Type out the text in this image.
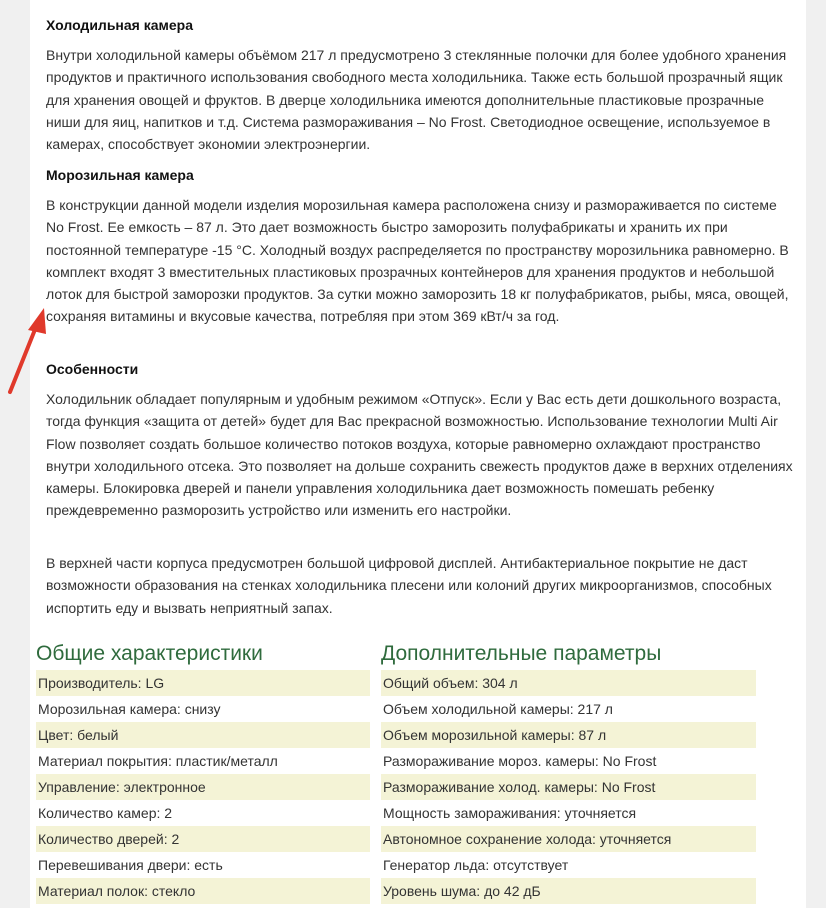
Холодильная камера

Внутри холодильной камеры объёмом 217 л предусмотрено 3 стеклянные полочки для более удобного хранения продуктов и практичного использования свободного места холодильника. Также есть большой прозрачный ящик для хранения овощей и фруктов. В дверце холодильника имеются дополнительные пластиковые прозрачные ниши для яиц, напитков и т.д. Система размораживания – No Frost. Светодиодное освещение, используемое в камерах, способствует экономии электроэнергии.

Морозильная камера

В конструкции данной модели изделия морозильная камера расположена снизу и размораживается по системе No Frost. Ее емкость – 87 л. Это дает возможность быстро заморозить полуфабрикаты и хранить их при постоянной температуре -15 °C. Холодный воздух распределяется по пространству морозильника равномерно. В комплект входят 3 вместительных пластиковых прозрачных контейнеров для хранения продуктов и небольшой лоток для быстрой заморозки продуктов. За сутки можно заморозить 18 кг полуфабрикатов, рыбы, мяса, овощей, сохраняя витамины и вкусовые качества, потребляя при этом 369 кВт/ч за год.

Особенности

Холодильник обладает популярным и удобным режимом «Отпуск». Если у Вас есть дети дошкольного возраста, тогда функция «защита от детей» будет для Вас прекрасной возможностью. Использование технологии Multi Air Flow позволяет создать большое количество потоков воздуха, которые равномерно охлаждают пространство внутри холодильного отсека. Это позволяет на дольше сохранить свежесть продуктов даже в верхних отделениях камеры. Блокировка дверей и панели управления холодильника дает возможность помешать ребенку преждевременно разморозить устройство или изменить его настройки.

В верхней части корпуса предусмотрен большой цифровой дисплей. Антибактериальное покрытие не даст возможности образования на стенках холодильника плесени или колоний других микроорганизмов, способных испортить еду и вызвать неприятный запах.

Общие характеристики
Производитель: LG
Морозильная камера: снизу
Цвет: белый
Материал покрытия: пластик/металл
Управление: электронное
Количество камер: 2
Количество дверей: 2
Перевешивания двери: есть
Материал полок: стекло
Дополнительные параметры
Общий объем: 304 л
Объем холодильной камеры: 217 л
Объем морозильной камеры: 87 л
Размораживание мороз. камеры: No Frost
Размораживание холод. камеры: No Frost
Мощность замораживания: уточняется
Автономное сохранение холода: уточняется
Генератор льда: отсутствует
Уровень шума: до 42 дБ
